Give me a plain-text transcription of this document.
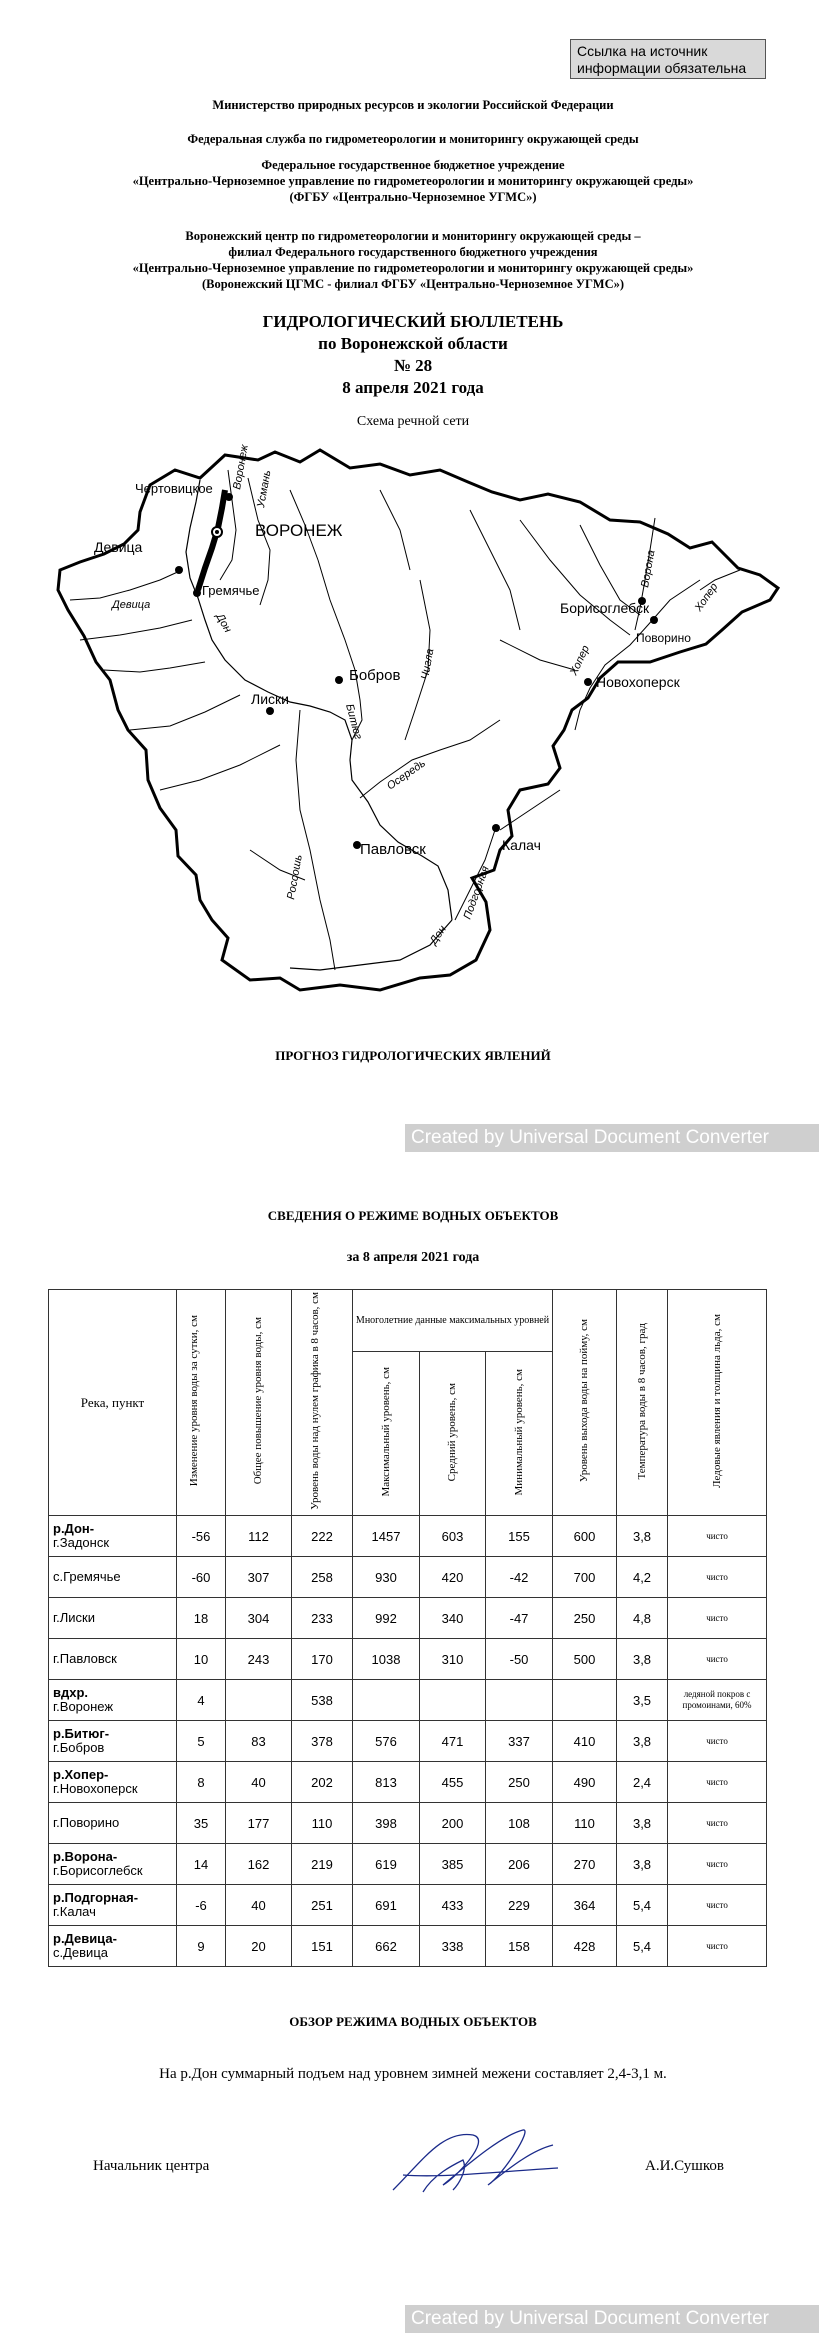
Ссылка на источник информации обязательна
Министерство природных ресурсов и экологии Российской Федерации
Федеральная служба по гидрометеорологии и мониторингу окружающей среды
Федеральное государственное бюджетное учреждение
«Центрально-Черноземное управление по гидрометеорологии и мониторингу окружающей среды»
(ФГБУ «Центрально-Черноземное УГМС»)
Воронежский центр по гидрометеорологии и мониторингу окружающей среды –
филиал Федерального государственного бюджетного учреждения
«Центрально-Черноземное управление по гидрометеорологии и мониторингу окружающей среды»
(Воронежский ЦГМС - филиал ФГБУ «Центрально-Черноземное УГМС»)
ГИДРОЛОГИЧЕСКИЙ БЮЛЛЕТЕНЬ
по Воронежской области
№ 28
8 апреля 2021 года
Схема речной сети
Чертовицкое
ВОРОНЕЖ
Девица
Гремячье
Лиски
Бобров
Борисоглебск
Поворино
Новохоперск
Павловск	Калач
Воронеж Усмань
Девица
Дон
Битюг
Чигла
Осередь
Россошь	Подгорная
Дон
Хопер
Хопер
Ворона
ПРОГНОЗ ГИДРОЛОГИЧЕСКИХ ЯВЛЕНИЙ
Created by Universal Document Converter
СВЕДЕНИЯ О РЕЖИМЕ ВОДНЫХ ОБЪЕКТОВ
за 8 апреля 2021 года
Река, пункт	Изменение уровня воды за сутки, см	Общее повышение уровня воды, см	Уровень воды над нулем графика в 8 часов, см	Многолетние данные максимальных уровней			Уровень выхода воды на пойму, см	Температура воды в 8 часов, град	Ледовые явления и толщина льда, см
				Максимальный уровень, см	Средний уровень, см	Минимальный уровень, см			
р.Дон-
г.Задонск	-56	112	222	1457	603	155	600	3,8	чисто
с.Гремячье	-60	307	258	930	420	-42	700	4,2	чисто
г.Лиски	18	304	233	992	340	-47	250	4,8	чисто
г.Павловск	10	243	170	1038	310	-50	500	3,8	чисто
вдхр.
г.Воронеж	4		538					3,5	ледяной покров с промоинами, 60%
р.Битюг-
г.Бобров	5	83	378	576	471	337	410	3,8	чисто
р.Хопер-
г.Новохоперск	8	40	202	813	455	250	490	2,4	чисто
г.Поворино	35	177	110	398	200	108	110	3,8	чисто
р.Ворона-
г.Борисоглебск	14	162	219	619	385	206	270	3,8	чисто
р.Подгорная-
г.Калач	-6	40	251	691	433	229	364	5,4	чисто
р.Девица-
с.Девица	9	20	151	662	338	158	428	5,4	чисто
ОБЗОР РЕЖИМА ВОДНЫХ ОБЪЕКТОВ
На р.Дон суммарный подъем над уровнем зимней межени составляет 2,4-3,1 м.
Начальник центра	А.И.Сушков
Created by Universal Document Converter
